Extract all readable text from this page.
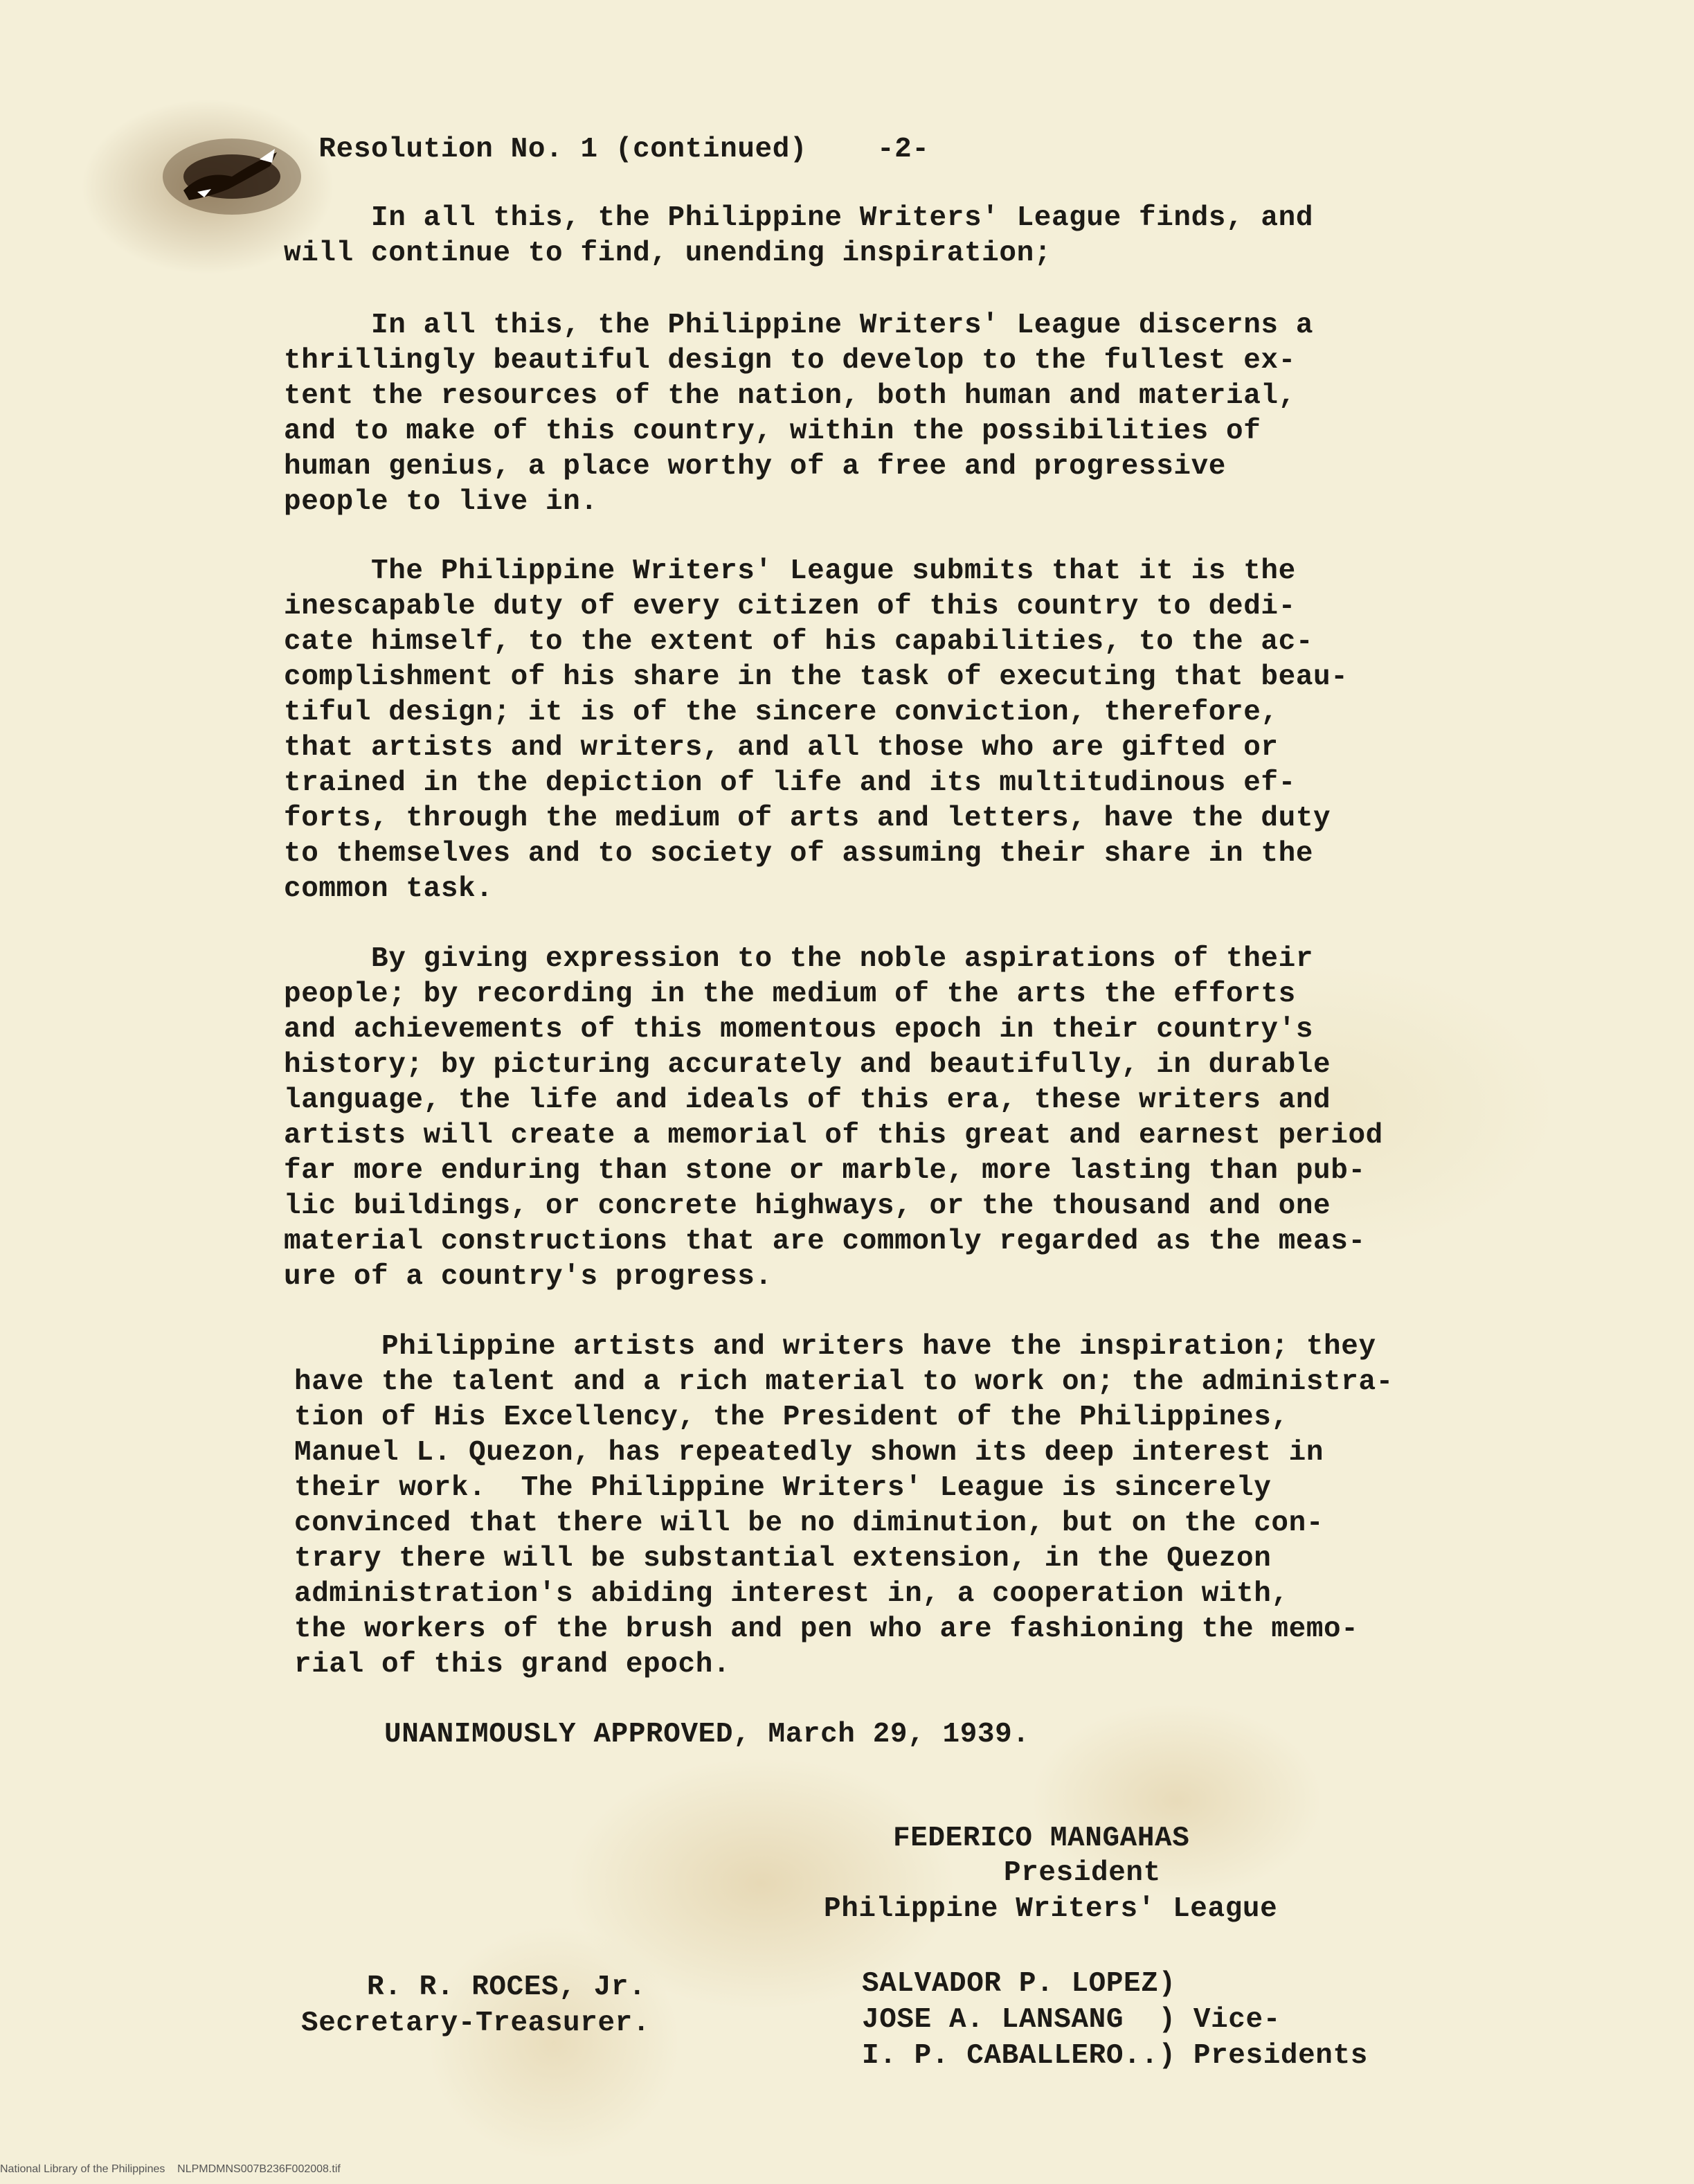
Resolution No. 1 (continued) -2-

In all this, the Philippine Writers' League finds, and
will continue to find, unending inspiration;
In all this, the Philippine Writers' League discerns a
thrillingly beautiful design to develop to the fullest ex-
tent the resources of the nation, both human and material,
and to make of this country, within the possibilities of
human genius, a place worthy of a free and progressive
people to live in.
The Philippine Writers' League submits that it is the
inescapable duty of every citizen of this country to dedi-
cate himself, to the extent of his capabilities, to the ac-
complishment of his share in the task of executing that beau-
tiful design; it is of the sincere conviction, therefore,
that artists and writers, and all those who are gifted or
trained in the depiction of life and its multitudinous ef-
forts, through the medium of arts and letters, have the duty
to themselves and to society of assuming their share in the
common task.
By giving expression to the noble aspirations of their
people; by recording in the medium of the arts the efforts
and achievements of this momentous epoch in their country's
history; by picturing accurately and beautifully, in durable
language, the life and ideals of this era, these writers and
artists will create a memorial of this great and earnest period
far more enduring than stone or marble, more lasting than pub-
lic buildings, or concrete highways, or the thousand and one
material constructions that are commonly regarded as the meas-
ure of a country's progress.
Philippine artists and writers have the inspiration; they
have the talent and a rich material to work on; the administra-
tion of His Excellency, the President of the Philippines,
Manuel L. Quezon, has repeatedly shown its deep interest in
their work.  The Philippine Writers' League is sincerely
convinced that there will be no diminution, but on the con-
trary there will be substantial extension, in the Quezon
administration's abiding interest in, a cooperation with,
the workers of the brush and pen who are fashioning the memo-
rial of this grand epoch.
UNANIMOUSLY APPROVED, March 29, 1939.
FEDERICO MANGAHAS
President
Philippine Writers' League
R. R. ROCES, Jr.
Secretary-Treasurer.
SALVADOR P. LOPEZ)
JOSE A. LANSANG  ) Vice-
I. P. CABALLERO..) Presidents
National Library of the Philippines    NLPMDMNS007B236F002008.tif
